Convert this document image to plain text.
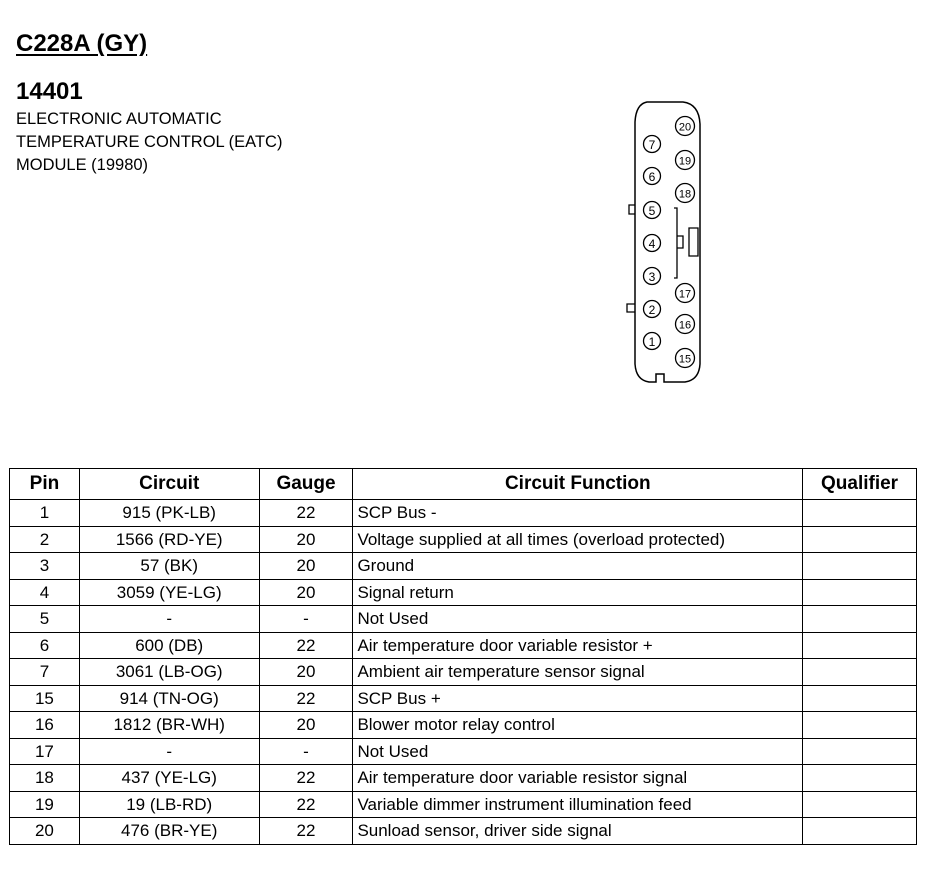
C228A (GY)
14401
ELECTRONIC AUTOMATIC
TEMPERATURE CONTROL (EATC)
MODULE (19980)
7
6
5
4
3
2
1
20
19
18
17
16
15
Pin	Circuit	Gauge	Circuit Function	Qualifier
1	915 (PK-LB)	22	SCP Bus -	
2	1566 (RD-YE)	20	Voltage supplied at all times (overload protected)	
3	57 (BK)	20	Ground	
4	3059 (YE-LG)	20	Signal return	
5	-	-	Not Used	
6	600 (DB)	22	Air temperature door variable resistor +	
7	3061 (LB-OG)	20	Ambient air temperature sensor signal	
15	914 (TN-OG)	22	SCP Bus +	
16	1812 (BR-WH)	20	Blower motor relay control	
17	-	-	Not Used	
18	437 (YE-LG)	22	Air temperature door variable resistor signal	
19	19 (LB-RD)	22	Variable dimmer instrument illumination feed	
20	476 (BR-YE)	22	Sunload sensor, driver side signal	
